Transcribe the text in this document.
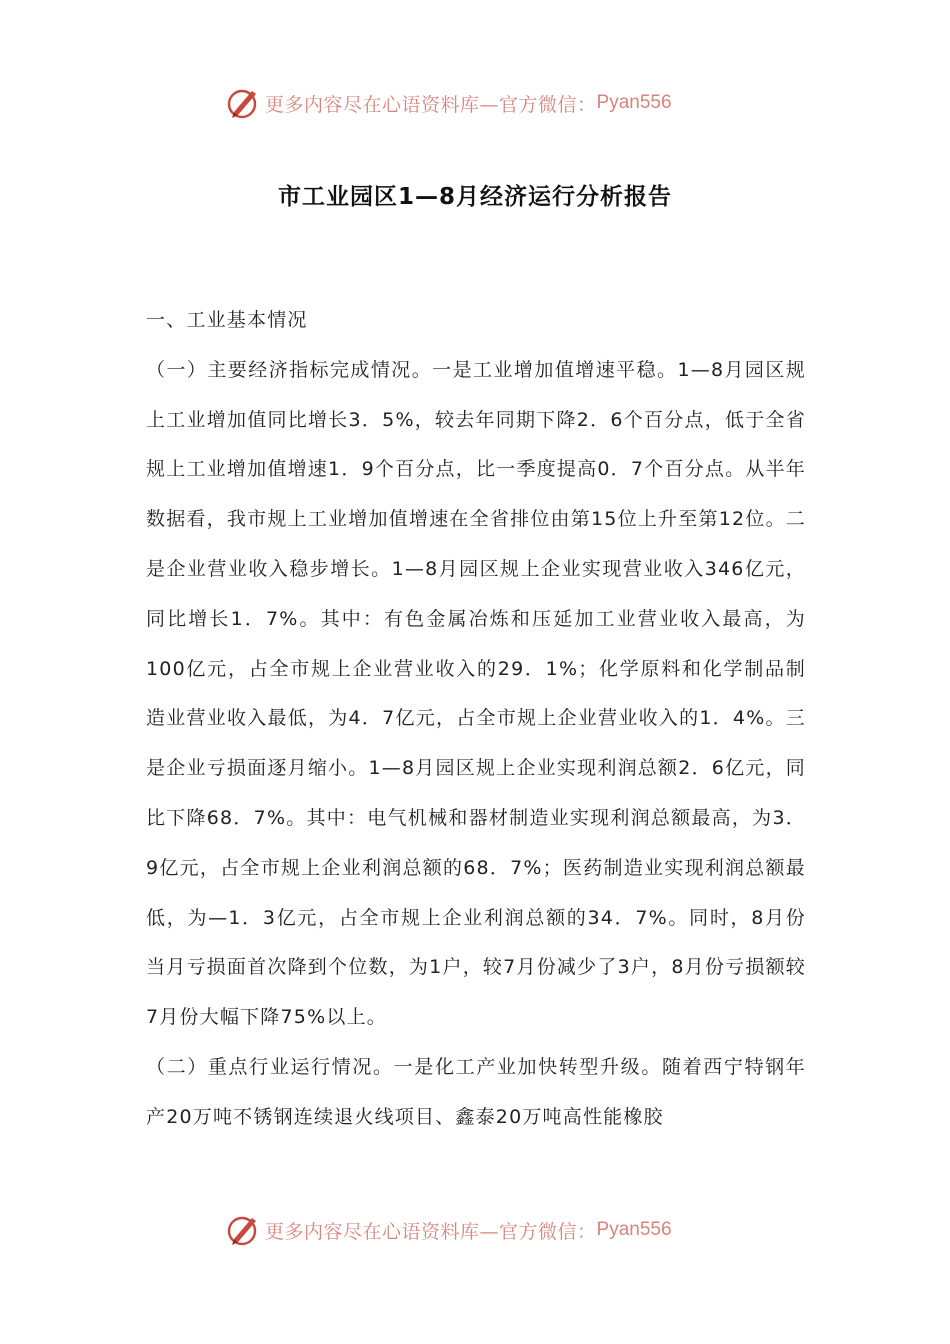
更多内容尽在心语资料库—官方微信： Pyan556
市工业园区1—8月经济运行分析报告

一、工业基本情况

（一）主要经济指标完成情况。一是工业增加值增速平稳。1—8月园区规上工业增加值同比增长3．5%，较去年同期下降2．6个百分点，低于全省规上工业增加值增速1．9个百分点，比一季度提高0．7个百分点。从半年数据看，我市规上工业增加值增速在全省排位由第15位上升至第12位。二是企业营业收入稳步增长。1—8月园区规上企业实现营业收入346亿元，同比增长1．7%。其中：有色金属冶炼和压延加工业营业收入最高，为100亿元，占全市规上企业营业收入的29．1%；化学原料和化学制品制造业营业收入最低，为4．7亿元，占全市规上企业营业收入的1．4%。三是企业亏损面逐月缩小。1—8月园区规上企业实现利润总额2．6亿元，同比下降68．7%。其中：电气机械和器材制造业实现利润总额最高，为3．9亿元，占全市规上企业利润总额的68．7%；医药制造业实现利润总额最低，为—1．3亿元，占全市规上企业利润总额的34．7%。同时，8月份当月亏损面首次降到个位数，为1户，较7月份减少了3户，8月份亏损额较7月份大幅下降75%以上。

（二）重点行业运行情况。一是化工产业加快转型升级。随着西宁特钢年产20万吨不锈钢连续退火线项目、鑫泰20万吨高性能橡胶

更多内容尽在心语资料库—官方微信： Pyan556
